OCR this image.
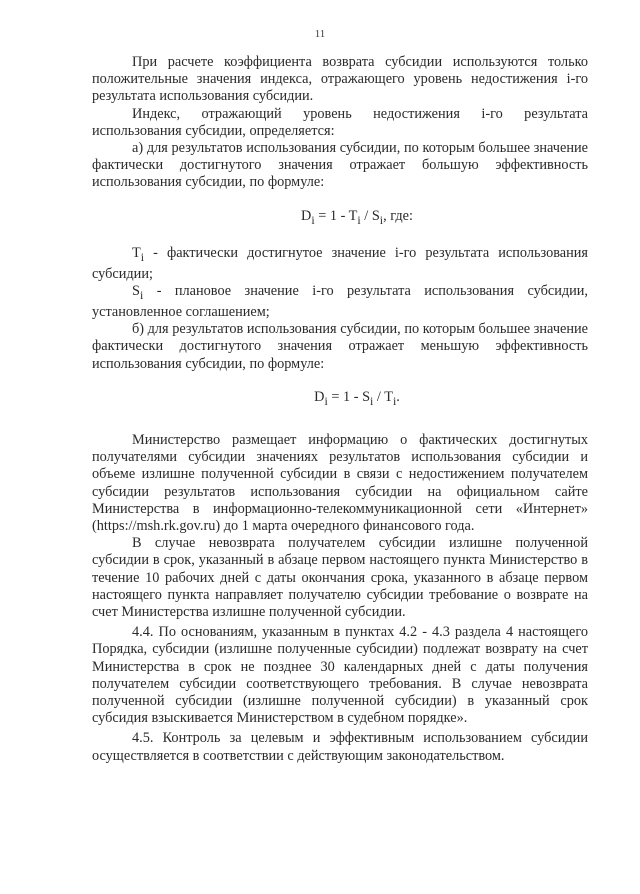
11

При расчете коэффициента возврата субсидии используются только положительные значения индекса, отражающего уровень недостижения i-го результата использования субсидии.

Индекс, отражающий уровень недостижения i-го результата использования субсидии, определяется:

а) для результатов использования субсидии, по которым большее значение фактически достигнутого значения отражает большую эффективность использования субсидии, по формуле:

$D_i = 1 - T_i / S_i$, где:

$T_i$ - фактически достигнутое значение i-го результата использования субсидии;

$S_i$ - плановое значение i-го результата использования субсидии, установленное соглашением;

б) для результатов использования субсидии, по которым большее значение фактически достигнутого значения отражает меньшую эффективность использования субсидии, по формуле:

$D_i = 1 - S_i / T_i$.

Министерство размещает информацию о фактических достигнутых получателями субсидии значениях результатов использования субсидии и объеме излишне полученной субсидии в связи с недостижением получателем субсидии результатов использования субсидии на официальном сайте Министерства в информационно-телекоммуникационной сети «Интернет» (https://msh.rk.gov.ru) до 1 марта очередного финансового года.

В случае невозврата получателем субсидии излишне полученной субсидии в срок, указанный в абзаце первом настоящего пункта Министерство в течение 10 рабочих дней с даты окончания срока, указанного в абзаце первом настоящего пункта направляет получателю субсидии требование о возврате на счет Министерства излишне полученной субсидии.

4.4. По основаниям, указанным в пунктах 4.2 - 4.3 раздела 4 настоящего Порядка, субсидии (излишне полученные субсидии) подлежат возврату на счет Министерства в срок не позднее 30 календарных дней с даты получения получателем субсидии соответствующего требования. В случае невозврата полученной субсидии (излишне полученной субсидии) в указанный срок субсидия взыскивается Министерством в судебном порядке».

4.5. Контроль за целевым и эффективным использованием субсидии осуществляется в соответствии с действующим законодательством.
